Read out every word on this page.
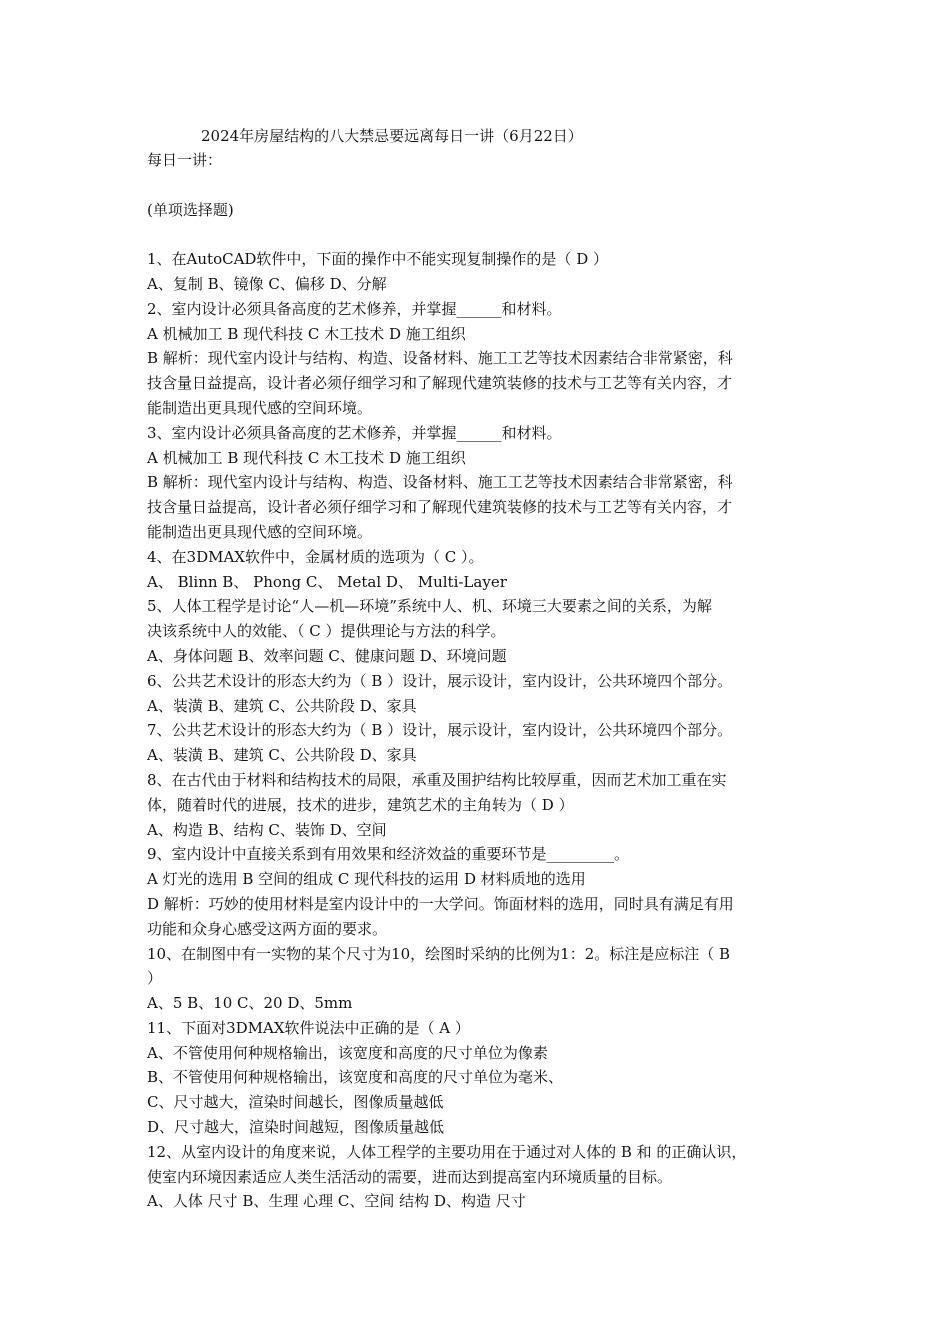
2024年房屋结构的八大禁忌要远离每日一讲（6月22日）
每日一讲：
(单项选择题)
1、在AutoCAD软件中，下面的操作中不能实现复制操作的是（ D ）
A、复制 B、镜像 C、偏移 D、分解
2、室内设计必须具备高度的艺术修养，并掌握______和材料。
A 机械加工 B 现代科技 C 木工技术 D 施工组织
B 解析：现代室内设计与结构、构造、设备材料、施工工艺等技术因素结合非常紧密，科
技含量日益提高，设计者必须仔细学习和了解现代建筑装修的技术与工艺等有关内容，才
能制造出更具现代感的空间环境。
3、室内设计必须具备高度的艺术修养，并掌握______和材料。
A 机械加工 B 现代科技 C 木工技术 D 施工组织
B 解析：现代室内设计与结构、构造、设备材料、施工工艺等技术因素结合非常紧密，科
技含量日益提高，设计者必须仔细学习和了解现代建筑装修的技术与工艺等有关内容，才
能制造出更具现代感的空间环境。
4、在3DMAX软件中，金属材质的选项为（ C ）。
A、 Blinn B、 Phong C、 Metal D、 Multi-Layer
5、人体工程学是讨论“人—机—环境”系统中人、机、环境三大要素之间的关系，为解
决该系统中人的效能、（ C ）提供理论与方法的科学。
A、身体问题 B、效率问题 C、健康问题 D、环境问题
6、公共艺术设计的形态大约为（ B ）设计，展示设计，室内设计，公共环境四个部分。
A、装潢 B、建筑 C、公共阶段 D、家具
7、公共艺术设计的形态大约为（ B ）设计，展示设计，室内设计，公共环境四个部分。
A、装潢 B、建筑 C、公共阶段 D、家具
8、在古代由于材料和结构技术的局限，承重及围护结构比较厚重，因而艺术加工重在实
体，随着时代的进展，技术的进步，建筑艺术的主角转为（ D ）
A、构造 B、结构 C、装饰 D、空间
9、室内设计中直接关系到有用效果和经济效益的重要环节是_________。
A 灯光的选用 B 空间的组成 C 现代科技的运用 D 材料质地的选用
D 解析：巧妙的使用材料是室内设计中的一大学问。饰面材料的选用，同时具有满足有用
功能和众身心感受这两方面的要求。
10、在制图中有一实物的某个尺寸为10，绘图时采纳的比例为1：2。标注是应标注（ B
）
A、5 B、10 C、20 D、5mm
11、下面对3DMAX软件说法中正确的是（ A ）
A、不管使用何种规格输出，该宽度和高度的尺寸单位为像素
B、不管使用何种规格输出，该宽度和高度的尺寸单位为毫米、
C、尺寸越大，渲染时间越长，图像质量越低
D、尺寸越大，渲染时间越短，图像质量越低
12、从室内设计的角度来说，人体工程学的主要功用在于通过对人体的 B 和 的正确认识，
使室内环境因素适应人类生活活动的需要，进而达到提高室内环境质量的目标。
A、人体 尺寸 B、生理 心理 C、空间 结构 D、构造 尺寸
